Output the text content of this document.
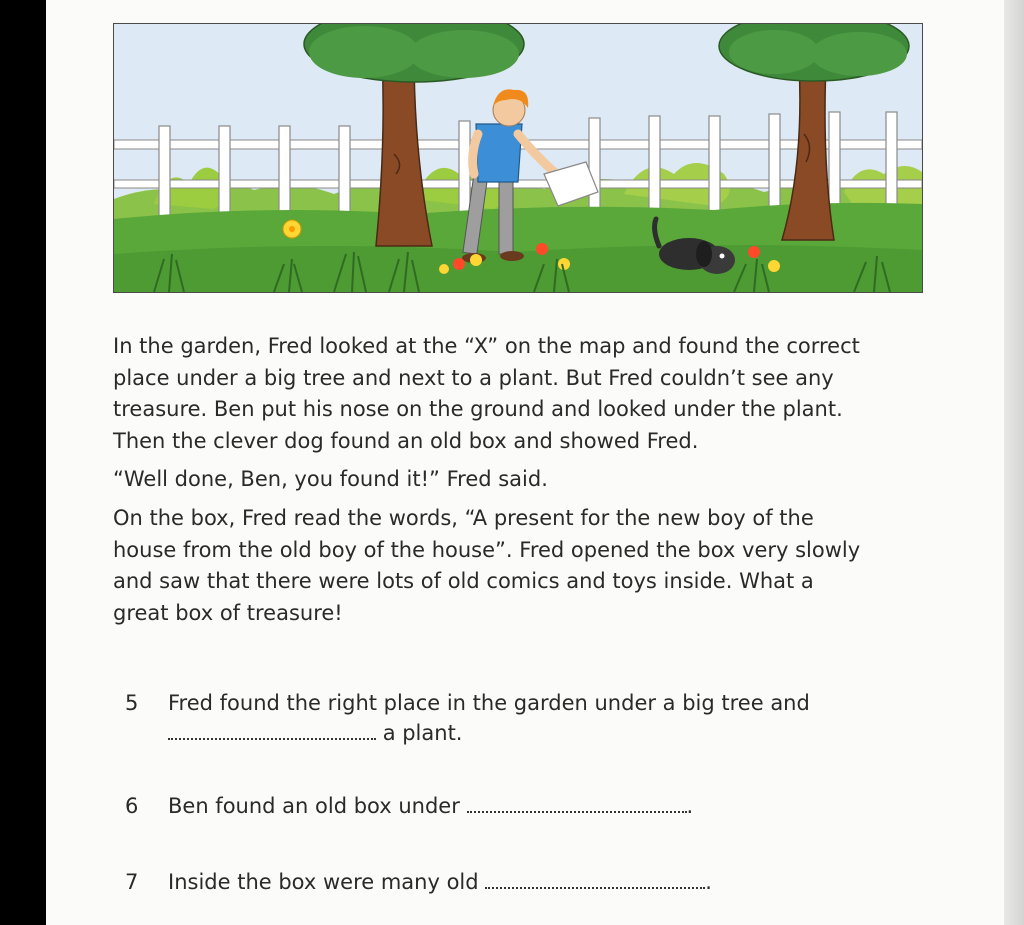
In the garden, Fred looked at the “X” on the map and found the correct
place under a big tree and next to a plant. But Fred couldn’t see any
treasure. Ben put his nose on the ground and looked under the plant.
Then the clever dog found an old box and showed Fred.

“Well done, Ben, you found it!” Fred said.

On the box, Fred read the words, “A present for the new boy of the
house from the old boy of the house”. Fred opened the box very slowly
and saw that there were lots of old comics and toys inside. What a
great box of treasure!

5 Fred found the right place in the garden under a big tree and
a plant.
6 Ben found an old box under	.
7 Inside the box were many old	.
